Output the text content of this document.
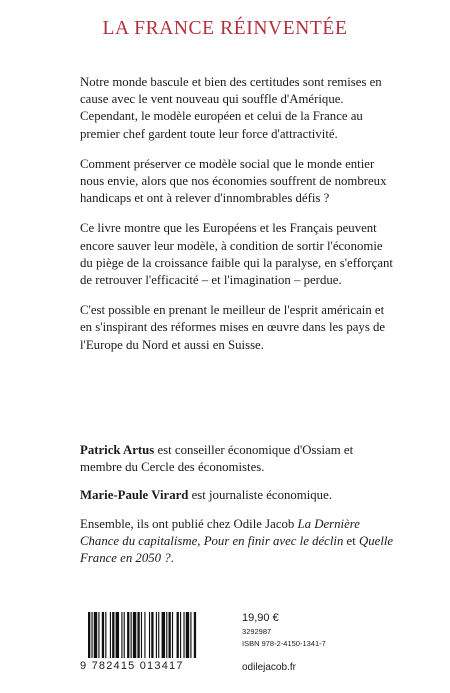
LA FRANCE RÉINVENTÉE

Notre monde bascule et bien des certitudes sont remises en cause avec le vent nouveau qui souffle d'Amérique. Cependant, le modèle européen et celui de la France au premier chef gardent toute leur force d'attractivité.

Comment préserver ce modèle social que le monde entier nous envie, alors que nos économies souffrent de nombreux handicaps et ont à relever d'innombrables défis ?

Ce livre montre que les Européens et les Français peuvent encore sauver leur modèle, à condition de sortir l'économie du piège de la croissance faible qui la paralyse, en s'efforçant de retrouver l'efficacité – et l'imagination – perdue.

C'est possible en prenant le meilleur de l'esprit américain et en s'inspirant des réformes mises en œuvre dans les pays de l'Europe du Nord et aussi en Suisse.

Patrick Artus est conseiller économique d'Ossiam et membre du Cercle des économistes.

Marie-Paule Virard est journaliste économique.

Ensemble, ils ont publié chez Odile Jacob La Dernière Chance du capitalisme, Pour en finir avec le déclin et Quelle France en 2050 ?.

9 782415 013417
19,90 €
3292987
ISBN 978-2-4150-1341-7
odilejacob.fr
